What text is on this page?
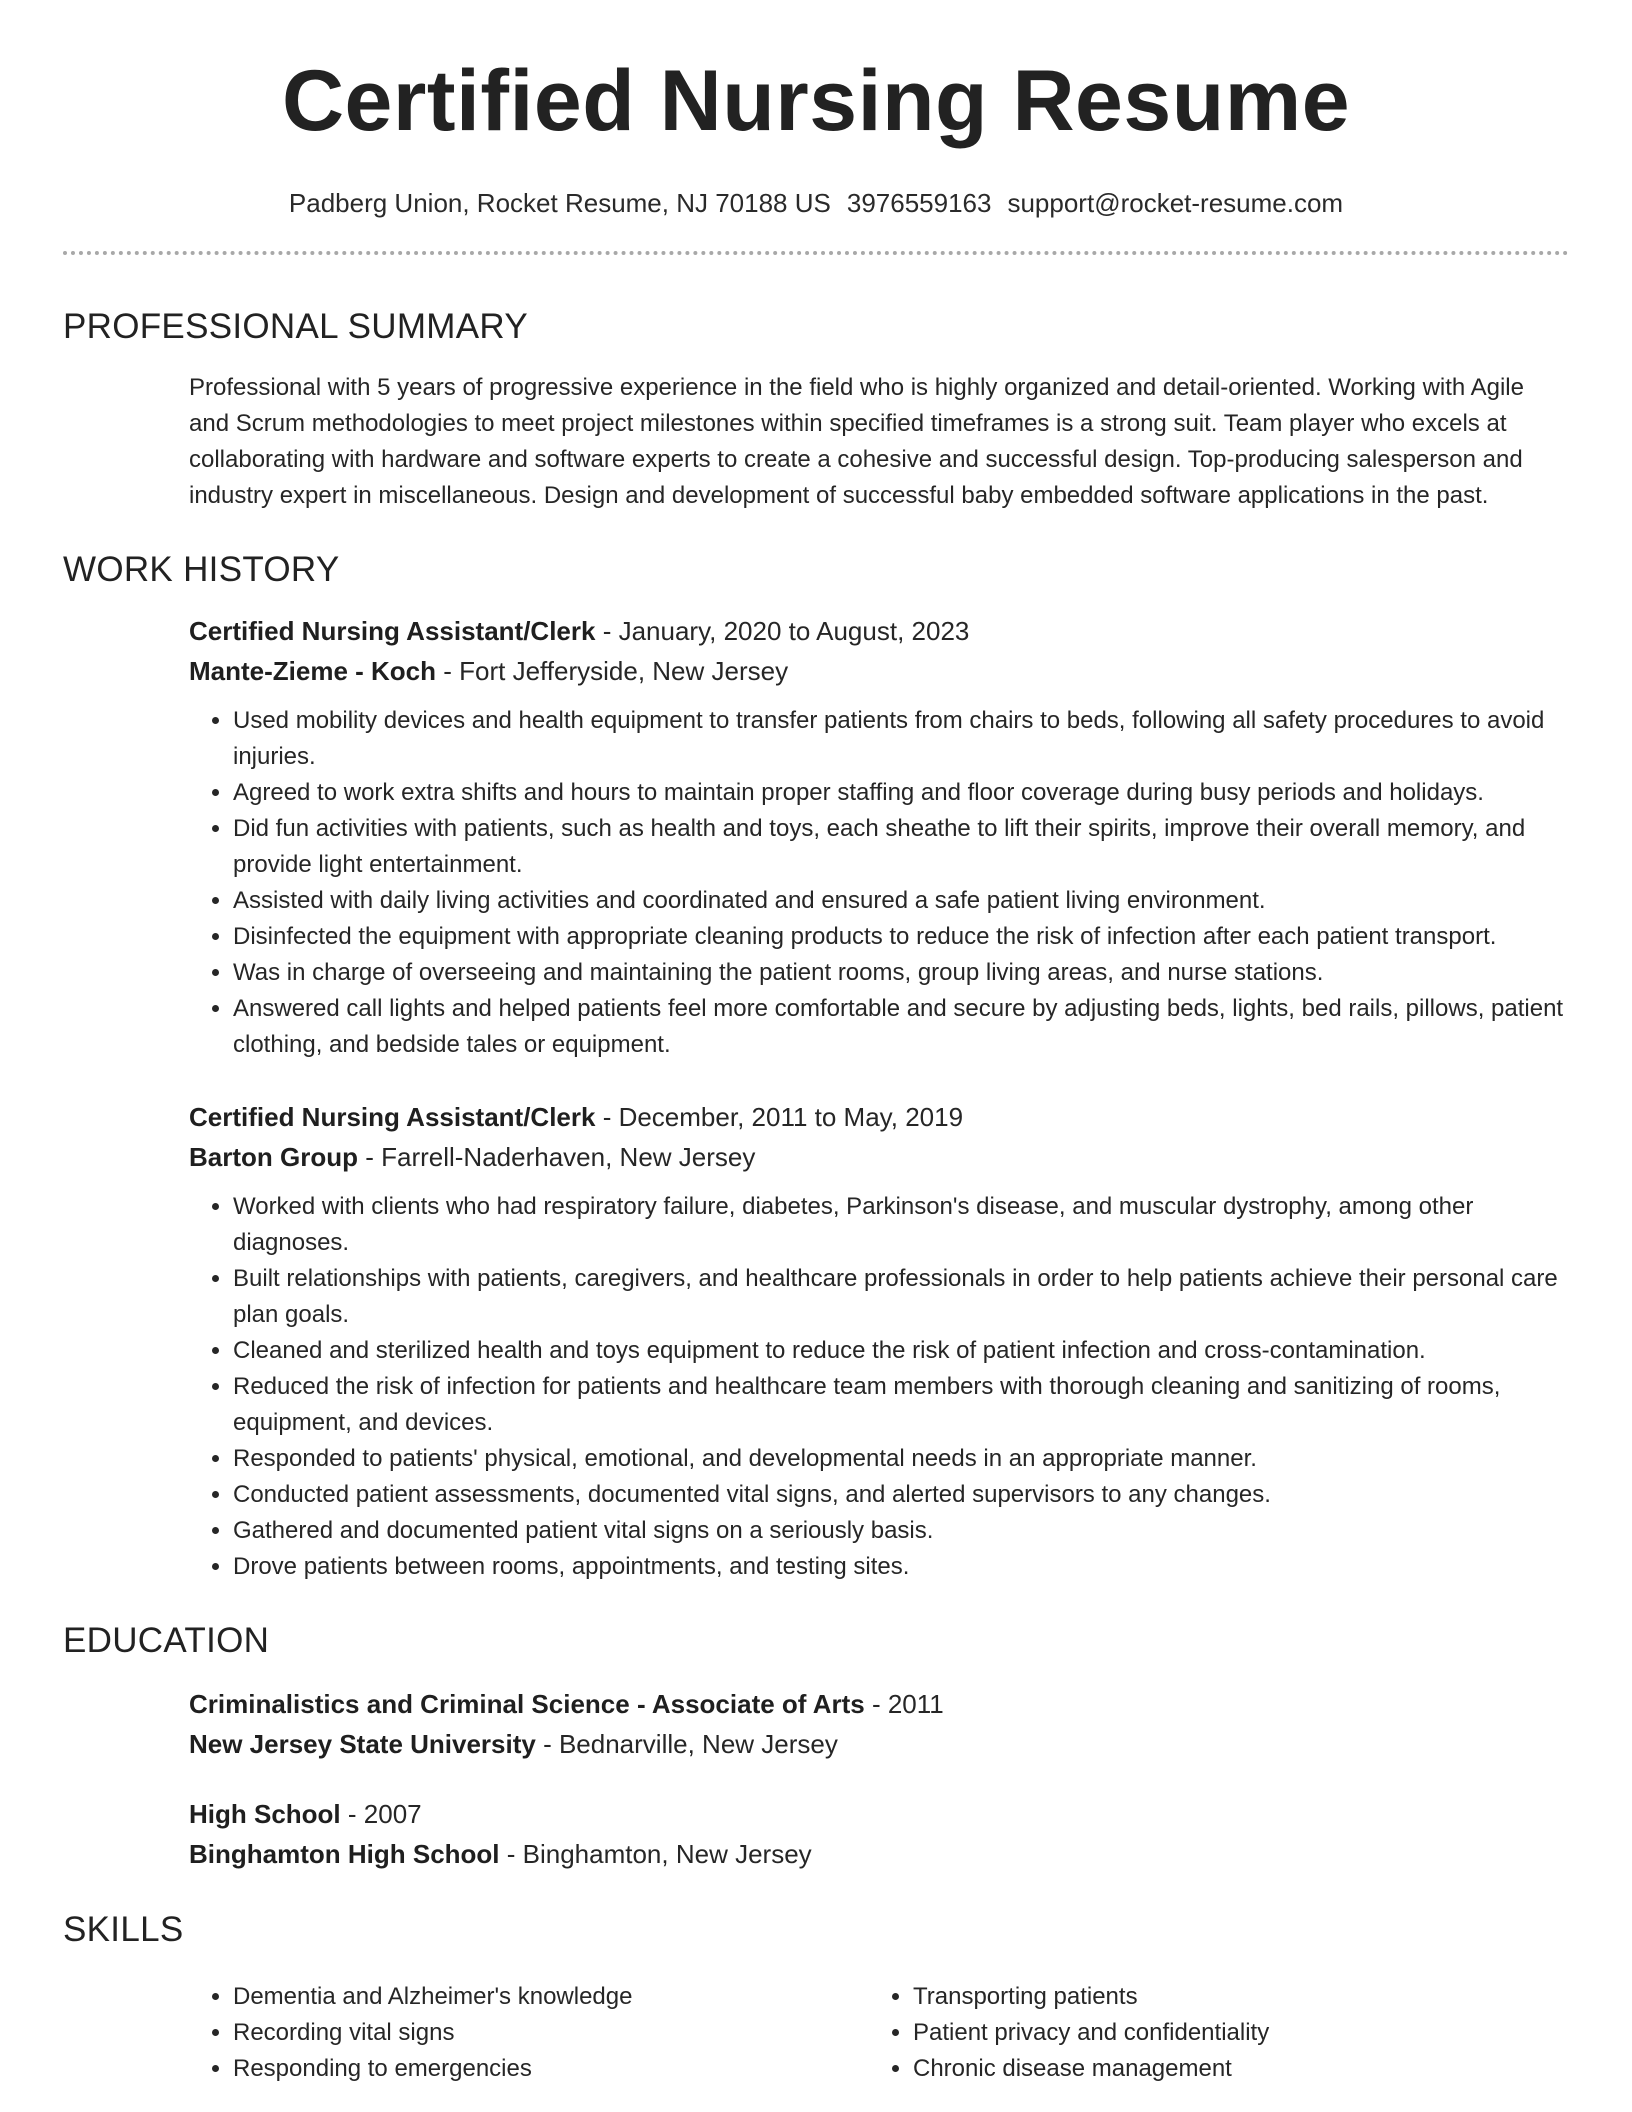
Certified Nursing Resume
Padberg Union, Rocket Resume, NJ 70188 US 3976559163 support@rocket-resume.com
PROFESSIONAL SUMMARY
Professional with 5 years of progressive experience in the field who is highly organized and detail-oriented. Working with Agile and Scrum methodologies to meet project milestones within specified timeframes is a strong suit. Team player who excels at collaborating with hardware and software experts to create a cohesive and successful design. Top-producing salesperson and industry expert in miscellaneous. Design and development of successful baby embedded software applications in the past.
WORK HISTORY
Certified Nursing Assistant/Clerk - January, 2020 to August, 2023
Mante-Zieme - Koch - Fort Jefferyside, New Jersey
• Used mobility devices and health equipment to transfer patients from chairs to beds, following all safety procedures to avoid injuries.
• Agreed to work extra shifts and hours to maintain proper staffing and floor coverage during busy periods and holidays.
• Did fun activities with patients, such as health and toys, each sheathe to lift their spirits, improve their overall memory, and provide light entertainment.
• Assisted with daily living activities and coordinated and ensured a safe patient living environment.
• Disinfected the equipment with appropriate cleaning products to reduce the risk of infection after each patient transport.
• Was in charge of overseeing and maintaining the patient rooms, group living areas, and nurse stations.
• Answered call lights and helped patients feel more comfortable and secure by adjusting beds, lights, bed rails, pillows, patient clothing, and bedside tales or equipment.
Certified Nursing Assistant/Clerk - December, 2011 to May, 2019
Barton Group - Farrell-Naderhaven, New Jersey
• Worked with clients who had respiratory failure, diabetes, Parkinson's disease, and muscular dystrophy, among other diagnoses.
• Built relationships with patients, caregivers, and healthcare professionals in order to help patients achieve their personal care plan goals.
• Cleaned and sterilized health and toys equipment to reduce the risk of patient infection and cross-contamination.
• Reduced the risk of infection for patients and healthcare team members with thorough cleaning and sanitizing of rooms, equipment, and devices.
• Responded to patients' physical, emotional, and developmental needs in an appropriate manner.
• Conducted patient assessments, documented vital signs, and alerted supervisors to any changes.
• Gathered and documented patient vital signs on a seriously basis.
• Drove patients between rooms, appointments, and testing sites.
EDUCATION
Criminalistics and Criminal Science - Associate of Arts - 2011
New Jersey State University - Bednarville, New Jersey
High School - 2007
Binghamton High School - Binghamton, New Jersey
SKILLS
• Dementia and Alzheimer's knowledge
• Recording vital signs
• Responding to emergencies
• Transporting patients
• Patient privacy and confidentiality
• Chronic disease management
